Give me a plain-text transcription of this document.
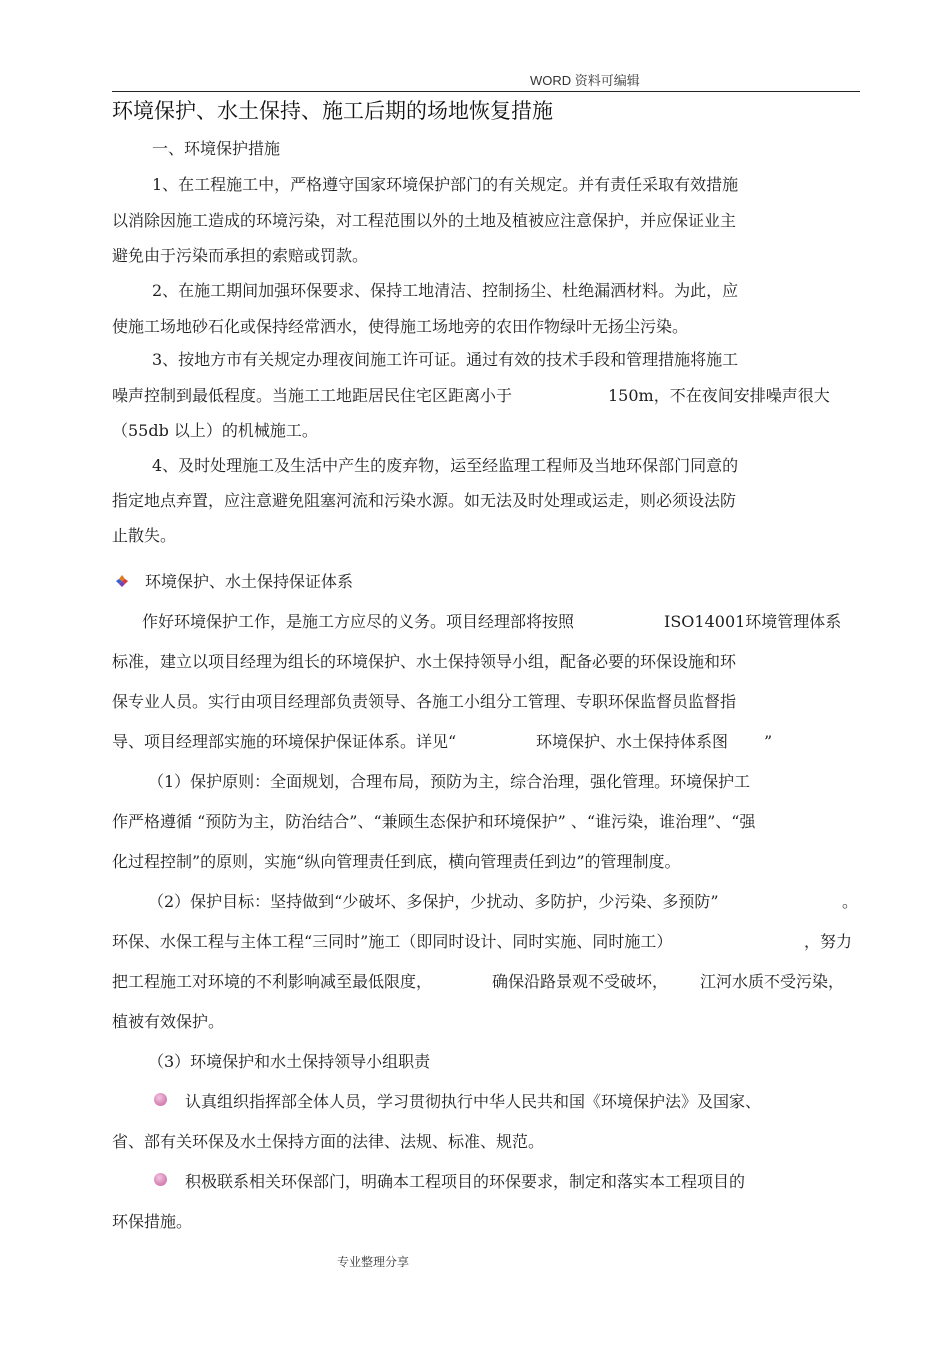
WORD 资料可编辑
环境保护、水土保持、施工后期的场地恢复措施
一、环境保护措施
1、在工程施工中，严格遵守国家环境保护部门的有关规定。并有责任采取有效措施
以消除因施工造成的环境污染，对工程范围以外的土地及植被应注意保护，并应保证业主
避免由于污染而承担的索赔或罚款。
2、在施工期间加强环保要求、保持工地清洁、控制扬尘、杜绝漏洒材料。为此，应
使施工场地砂石化或保持经常洒水，使得施工场地旁的农田作物绿叶无扬尘污染。
3、按地方市有关规定办理夜间施工许可证。通过有效的技术手段和管理措施将施工
噪声控制到最低程度。当施工工地距居民住宅区距离小于	150m，不在夜间安排噪声很大
（55db 以上）的机械施工。
4、及时处理施工及生活中产生的废弃物，运至经监理工程师及当地环保部门同意的
指定地点弃置，应注意避免阻塞河流和污染水源。如无法及时处理或运走，则必须设法防
止散失。
环境保护、水土保持保证体系
作好环境保护工作，是施工方应尽的义务。项目经理部将按照	ISO14001环境管理体系
标准，建立以项目经理为组长的环境保护、水土保持领导小组，配备必要的环保设施和环
保专业人员。实行由项目经理部负责领导、各施工小组分工管理、专职环保监督员监督指
导、项目经理部实施的环境保护保证体系。详见“	环境保护、水土保持体系图 ”
（1）保护原则：全面规划，合理布局，预防为主，综合治理，强化管理。环境保护工
作严格遵循 “预防为主，防治结合”、“兼顾生态保护和环境保护” 、“谁污染，谁治理”、“强
化过程控制”的原则，实施“纵向管理责任到底，横向管理责任到边”的管理制度。
（2）保护目标：坚持做到“少破坏、多保护，少扰动、多防护，少污染、多预防”	。
环保、水保工程与主体工程“三同时”施工（即同时设计、同时实施、同时施工）	，努力
把工程施工对环境的不利影响减至最低限度，	确保沿路景观不受破坏， 江河水质不受污染，
植被有效保护。
（3）环境保护和水土保持领导小组职责
认真组织指挥部全体人员，学习贯彻执行中华人民共和国《环境保护法》及国家、
省、部有关环保及水土保持方面的法律、法规、标准、规范。
积极联系相关环保部门，明确本工程项目的环保要求，制定和落实本工程项目的
环保措施。
专业整理分享
